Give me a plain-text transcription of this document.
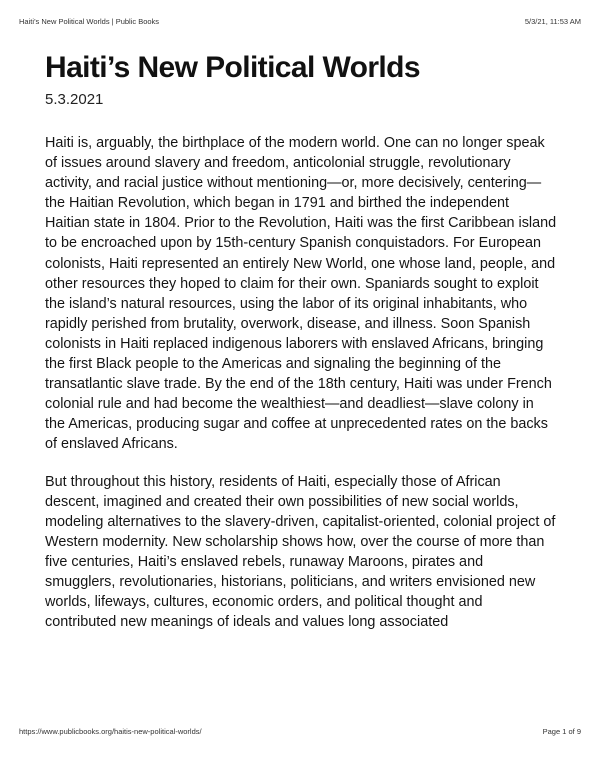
Haiti’s New Political Worlds | Public Books	5/3/21, 11:53 AM
Haiti’s New Political Worlds
5.3.2021

Haiti is, arguably, the birthplace of the modern world. One can no longer speak of issues around slavery and freedom, anticolonial struggle, revolutionary activity, and racial justice without mentioning—or, more decisively, centering—the Haitian Revolution, which began in 1791 and birthed the independent Haitian state in 1804. Prior to the Revolution, Haiti was the first Caribbean island to be encroached upon by 15th-century Spanish conquistadors. For European colonists, Haiti represented an entirely New World, one whose land, people, and other resources they hoped to claim for their own. Spaniards sought to exploit the island’s natural resources, using the labor of its original inhabitants, who rapidly perished from brutality, overwork, disease, and illness. Soon Spanish colonists in Haiti replaced indigenous laborers with enslaved Africans, bringing the first Black people to the Americas and signaling the beginning of the transatlantic slave trade. By the end of the 18th century, Haiti was under French colonial rule and had become the wealthiest—and deadliest—slave colony in the Americas, producing sugar and coffee at unprecedented rates on the backs of enslaved Africans.

But throughout this history, residents of Haiti, especially those of African descent, imagined and created their own possibilities of new social worlds, modeling alternatives to the slavery-driven, capitalist-oriented, colonial project of Western modernity. New scholarship shows how, over the course of more than five centuries, Haiti’s enslaved rebels, runaway Maroons, pirates and smugglers, revolutionaries, historians, politicians, and writers envisioned new worlds, lifeways, cultures, economic orders, and political thought and contributed new meanings of ideals and values long associated

https://www.publicbooks.org/haitis-new-political-worlds/	Page 1 of 9
